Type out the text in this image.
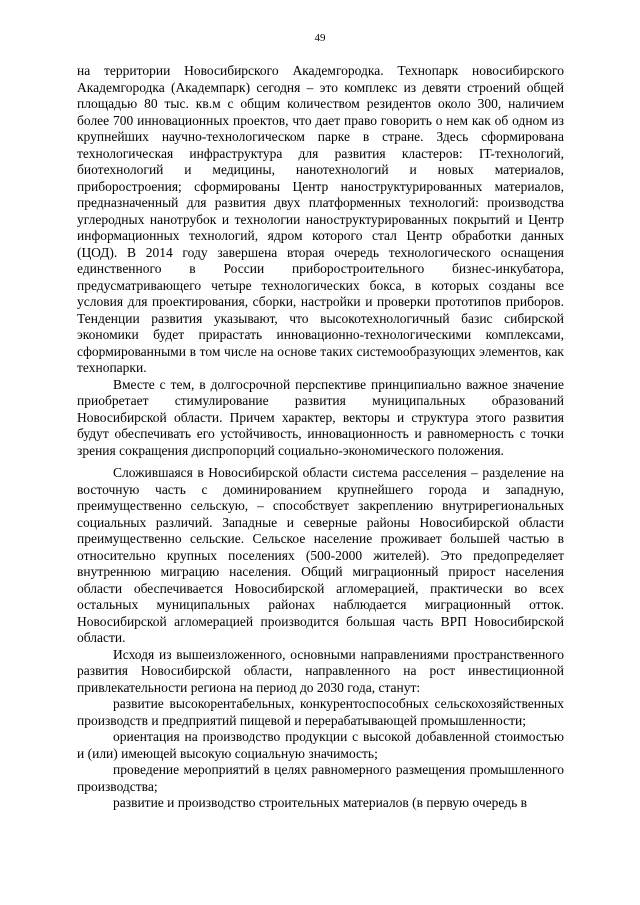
49

на территории Новосибирского Академгородка. Технопарк новосибирского Академгородка (Академпарк) сегодня – это комплекс из девяти строений общей площадью 80 тыс. кв.м с общим количеством резидентов около 300, наличием более 700 инновационных проектов, что дает право говорить о нем как об одном из крупнейших научно-технологическом парке в стране. Здесь сформирована технологическая инфраструктура для развития кластеров: IT-технологий, биотехнологий и медицины, нанотехнологий и новых материалов, приборостроения; сформированы Центр наноструктурированных материалов, предназначенный для развития двух платформенных технологий: производства углеродных нанотрубок и технологии наноструктурированных покрытий и Центр информационных технологий, ядром которого стал Центр обработки данных (ЦОД). В 2014 году завершена вторая очередь технологического оснащения единственного в России приборостроительного бизнес-инкубатора, предусматривающего четыре технологических бокса, в которых созданы все условия для проектирования, сборки, настройки и проверки прототипов приборов. Тенденции развития указывают, что высокотехнологичный базис сибирской экономики будет прирастать инновационно-технологическими комплексами, сформированными в том числе на основе таких системообразующих элементов, как технопарки.

Вместе с тем, в долгосрочной перспективе принципиально важное значение приобретает стимулирование развития муниципальных образований Новосибирской области. Причем характер, векторы и структура этого развития будут обеспечивать его устойчивость, инновационность и равномерность с точки зрения сокращения диспропорций социально-экономического положения.

Сложившаяся в Новосибирской области система расселения – разделение на восточную часть с доминированием крупнейшего города и западную, преимущественно сельскую, – способствует закреплению внутрирегиональных социальных различий. Западные и северные районы Новосибирской области преимущественно сельские. Сельское население проживает большей частью в относительно крупных поселениях (500-2000 жителей). Это предопределяет внутреннюю миграцию населения. Общий миграционный прирост населения области обеспечивается Новосибирской агломерацией, практически во всех остальных муниципальных районах наблюдается миграционный отток. Новосибирской агломерацией производится большая часть ВРП Новосибирской области.

Исходя из вышеизложенного, основными направлениями пространственного развития Новосибирской области, направленного на рост инвестиционной привлекательности региона на период до 2030 года, станут:

развитие высокорентабельных, конкурентоспособных сельскохозяйственных производств и предприятий пищевой и перерабатывающей промышленности;

ориентация на производство продукции с высокой добавленной стоимостью и (или) имеющей высокую социальную значимость;

проведение мероприятий в целях равномерного размещения промышленного производства;

развитие и производство строительных материалов (в первую очередь в
